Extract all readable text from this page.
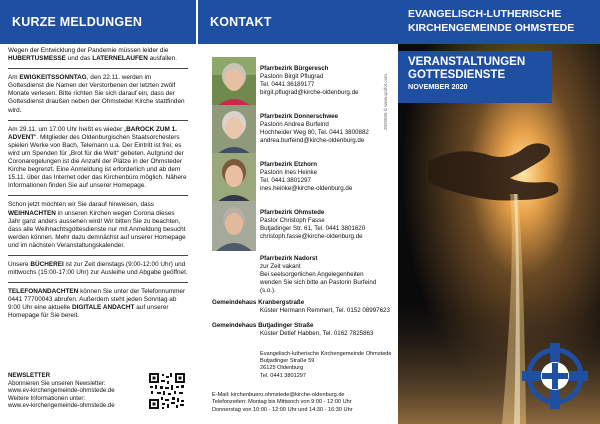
KURZE MELDUNGEN
Wegen der Entwicklung der Pandemie müssen leider die HUBERTUSMESSE und das LATERNELAUFEN ausfallen.
Am EWIGKEITSSONNTAG, den 22.11. werden im Gottesdienst die Namen der Verstorbenen der letzten zwölf Monate verlesen. Bitte richten Sie sich darauf ein, dass der Gottesdienst draußen neben der Ohmsteder Kirche stattfinden wird.
Am 29.11. um 17:00 Uhr heißt es wieder „BAROCK ZUM 1. ADVENT“. Mitglieder des Oldenburgischen Staatsorchesters spielen Werke von Bach, Telemann u.a. Der Eintritt ist frei; es wird um Spenden für „Brot für die Welt“ gebeten. Aufgrund der Coronaregelungen ist die Anzahl der Plätze in der Ohmsteder Kirche begrenzt. Eine Anmeldung ist erforderlich und ab dem 15.11. über das Internet oder das Kirchenbüro möglich. Nähere Informationen finden Sie auf unserer Homepage.
Schon jetzt möchten wir Sie darauf hinweisen, dass WEIHNACHTEN in unseren Kirchen wegen Corona dieses Jahr ganz anders aussehen wird! Wir bitten Sie zu beachten, dass alle Weihnachtsgottesdienste nur mit Anmeldung besucht werden können. Mehr dazu demnächst auf unserer Homepage und im nächsten Veranstaltungskalender.
Unsere BÜCHEREI ist zur Zeit dienstags (9:00-12:00 Uhr) und mittwochs (15:00-17:00 Uhr) zur Ausleihe und Abgabe geöffnet.
TELEFONANDACHTEN können Sie unter der Telefonnummer 0441 77700043 abrufen. Außerdem steht jeden Sonntag ab 9:00 Uhr eine aktuelle DIGITALE ANDACHT auf unserer Homepage für Sie bereit.
NEWSLETTER
Abonnieren Sie unseren Newsletter:
www.ev-kirchengemeinde-ohmstede.de
Weitere Informationen unter:
www.ev-kirchengemeinde-ohmstede.de
KONTAKT
Pfarrbezirk Bürgeresch
Pastorin Birgit Pflugrad
Tel. 0441 36189177
birgit.pflugrad@kirche-oldenburg.de
Pfarrbezirk Donnerschwee
Pastorin Andrea Burfeind
Hochheider Weg 80, Tel. 0441 3800882
andrea.burfeind@kirche-oldenburg.de
Pfarrbezirk Etzhorn
Pastorin Ines Heinke
Tel. 0441 3801297
ines.heinke@kirche-oldenburg.de
Pfarrbezirk Ohmstede
Pastor Christoph Fasse
Butjadinger Str. 61, Tel. 0441 3801620
christoph.fasse@kirche-oldenburg.de
Pfarrbezirk Nadorst
zur Zeit vakant
Bei seelsorgerlichen Angelegenheiten
wenden Sie sich bitte an Pastorin Burfeind
(s.o.).
Gemeindehaus Kranbergstraße
Küster Hermann Remmert, Tel. 0152 08997623
Gemeindehaus Butjadinger Straße
Küster Detlef Habben, Tel. 0162 7825863
Evangelisch-lutherische Kirchengemeinde Ohmstede
Butjadinger Straße 59
26125 Oldenburg
Tel. 0441 3801297
E-Mail: kirchenbuero.ohmstede@kirche-oldenburg.de
Telefonzeiten: Montag bis Mittwoch von 9:00 - 12:00 Uhr
Donnerstag von 10:00 - 12:00 Uhr und 14:30 - 16:30 Uhr
2025556 © www.xpsfot.com
EVANGELISCH-LUTHERISCHE
KIRCHENGEMEINDE OHMSTEDE
VERANSTALTUNGEN
GOTTESDIENSTE
NOVEMBER 2020
